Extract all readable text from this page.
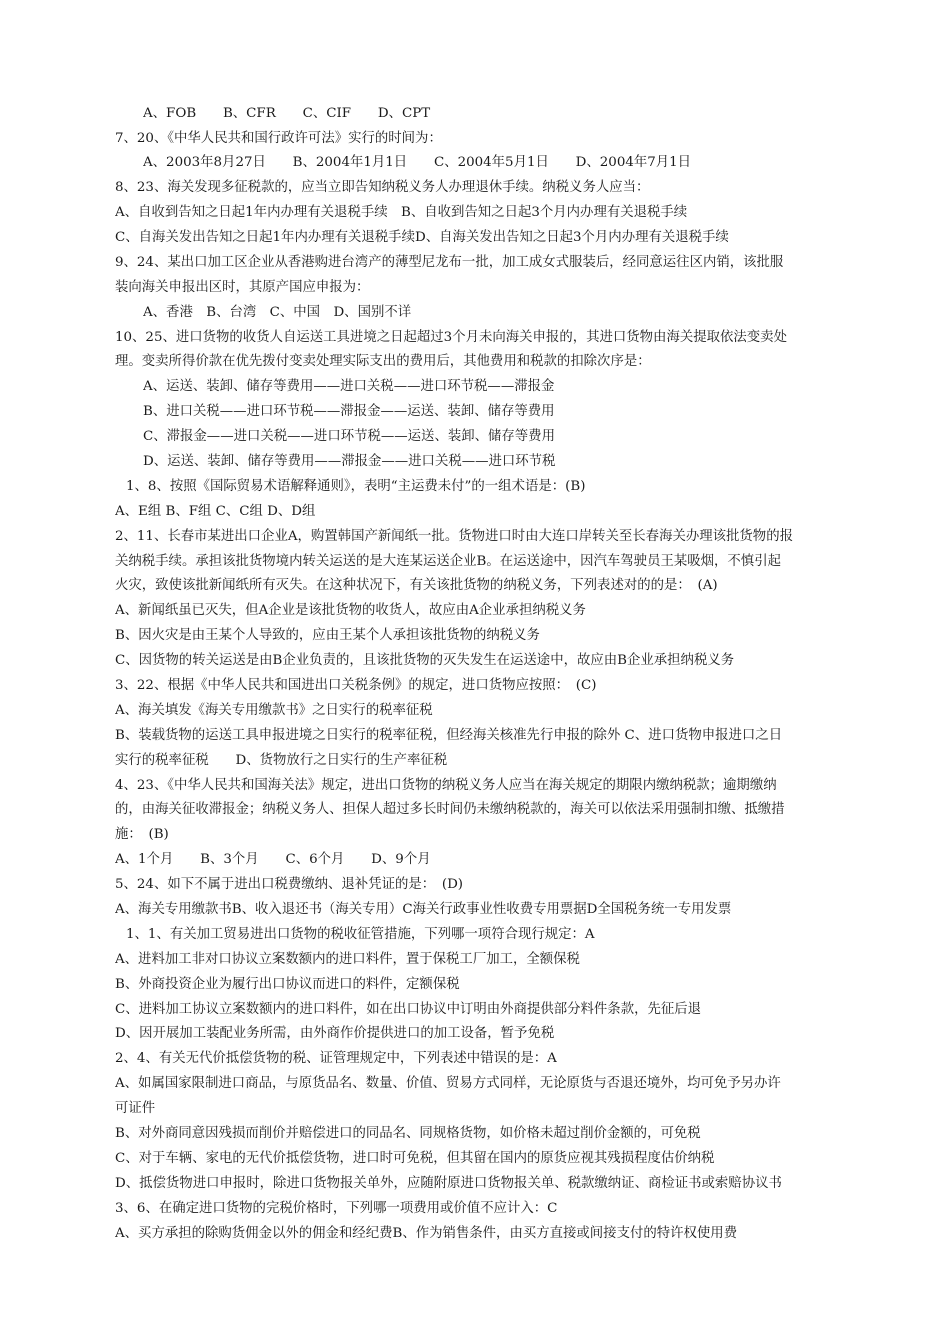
A、FOB　　B、CFR　　C、CIF　　D、CPT
7、20、《中华人民共和国行政许可法》实行的时间为：
A、2003年8月27日　　B、2004年1月1日　　C、2004年5月1日　　D、2004年7月1日
8、23、海关发现多征税款的，应当立即告知纳税义务人办理退休手续。纳税义务人应当：
A、自收到告知之日起1年内办理有关退税手续　B、自收到告知之日起3个月内办理有关退税手续
C、自海关发出告知之日起1年内办理有关退税手续D、自海关发出告知之日起3个月内办理有关退税手续
9、24、某出口加工区企业从香港购进台湾产的薄型尼龙布一批，加工成女式服装后，经同意运往区内销，该批服
装向海关申报出区时，其原产国应申报为：
A、香港　B、台湾　C、中国　D、国别不详
10、25、进口货物的收货人自运送工具进境之日起超过3个月未向海关申报的，其进口货物由海关提取依法变卖处
理。变卖所得价款在优先拨付变卖处理实际支出的费用后，其他费用和税款的扣除次序是：
A、运送、装卸、储存等费用——进口关税——进口环节税——滞报金
B、进口关税——进口环节税——滞报金——运送、装卸、储存等费用
C、滞报金——进口关税——进口环节税——运送、装卸、储存等费用
D、运送、装卸、储存等费用——滞报金——进口关税——进口环节税
1、8、按照《国际贸易术语解释通则》，表明“主运费未付”的一组术语是：(B)
A、E组 B、F组 C、C组 D、D组
2、11、长春市某进出口企业A，购置韩国产新闻纸一批。货物进口时由大连口岸转关至长春海关办理该批货物的报
关纳税手续。承担该批货物境内转关运送的是大连某运送企业B。在运送途中，因汽车驾驶员王某吸烟，不慎引起
火灾，致使该批新闻纸所有灭失。在这种状况下，有关该批货物的纳税义务，下列表述对的的是：　(A)
A、新闻纸虽已灭失，但A企业是该批货物的收货人，故应由A企业承担纳税义务
B、因火灾是由王某个人导致的，应由王某个人承担该批货物的纳税义务
C、因货物的转关运送是由B企业负责的，且该批货物的灭失发生在运送途中，故应由B企业承担纳税义务
3、22、根据《中华人民共和国进出口关税条例》的规定，进口货物应按照：　(C)
A、海关填发《海关专用缴款书》之日实行的税率征税
B、装载货物的运送工具申报进境之日实行的税率征税，但经海关核准先行申报的除外 C、进口货物申报进口之日
实行的税率征税　　D、货物放行之日实行的生产率征税
4、23、《中华人民共和国海关法》规定，进出口货物的纳税义务人应当在海关规定的期限内缴纳税款；逾期缴纳
的，由海关征收滞报金；纳税义务人、担保人超过多长时间仍未缴纳税款的，海关可以依法采用强制扣缴、抵缴措
施：　(B)
A、1个月　　B、3个月　　C、6个月　　D、9个月
5、24、如下不属于进出口税费缴纳、退补凭证的是：　(D)
A、海关专用缴款书B、收入退还书（海关专用）C海关行政事业性收费专用票据D全国税务统一专用发票
1、1、有关加工贸易进出口货物的税收征管措施，下列哪一项符合现行规定：A
A、进料加工非对口协议立案数额内的进口料件，置于保税工厂加工，全额保税
B、外商投资企业为履行出口协议而进口的料件，定额保税
C、进料加工协议立案数额内的进口料件，如在出口协议中订明由外商提供部分料件条款，先征后退
D、因开展加工装配业务所需，由外商作价提供进口的加工设备，暂予免税
2、4、有关无代价抵偿货物的税、证管理规定中，下列表述中错误的是：A
A、如属国家限制进口商品，与原货品名、数量、价值、贸易方式同样，无论原货与否退还境外，均可免予另办许
可证件
B、对外商同意因残损而削价并赔偿进口的同品名、同规格货物，如价格未超过削价金额的，可免税
C、对于车辆、家电的无代价抵偿货物，进口时可免税，但其留在国内的原货应视其残损程度估价纳税
D、抵偿货物进口申报时，除进口货物报关单外，应随附原进口货物报关单、税款缴纳证、商检证书或索赔协议书
3、6、在确定进口货物的完税价格时，下列哪一项费用或价值不应计入：C
A、买方承担的除购货佣金以外的佣金和经纪费B、作为销售条件，由买方直接或间接支付的特许权使用费
